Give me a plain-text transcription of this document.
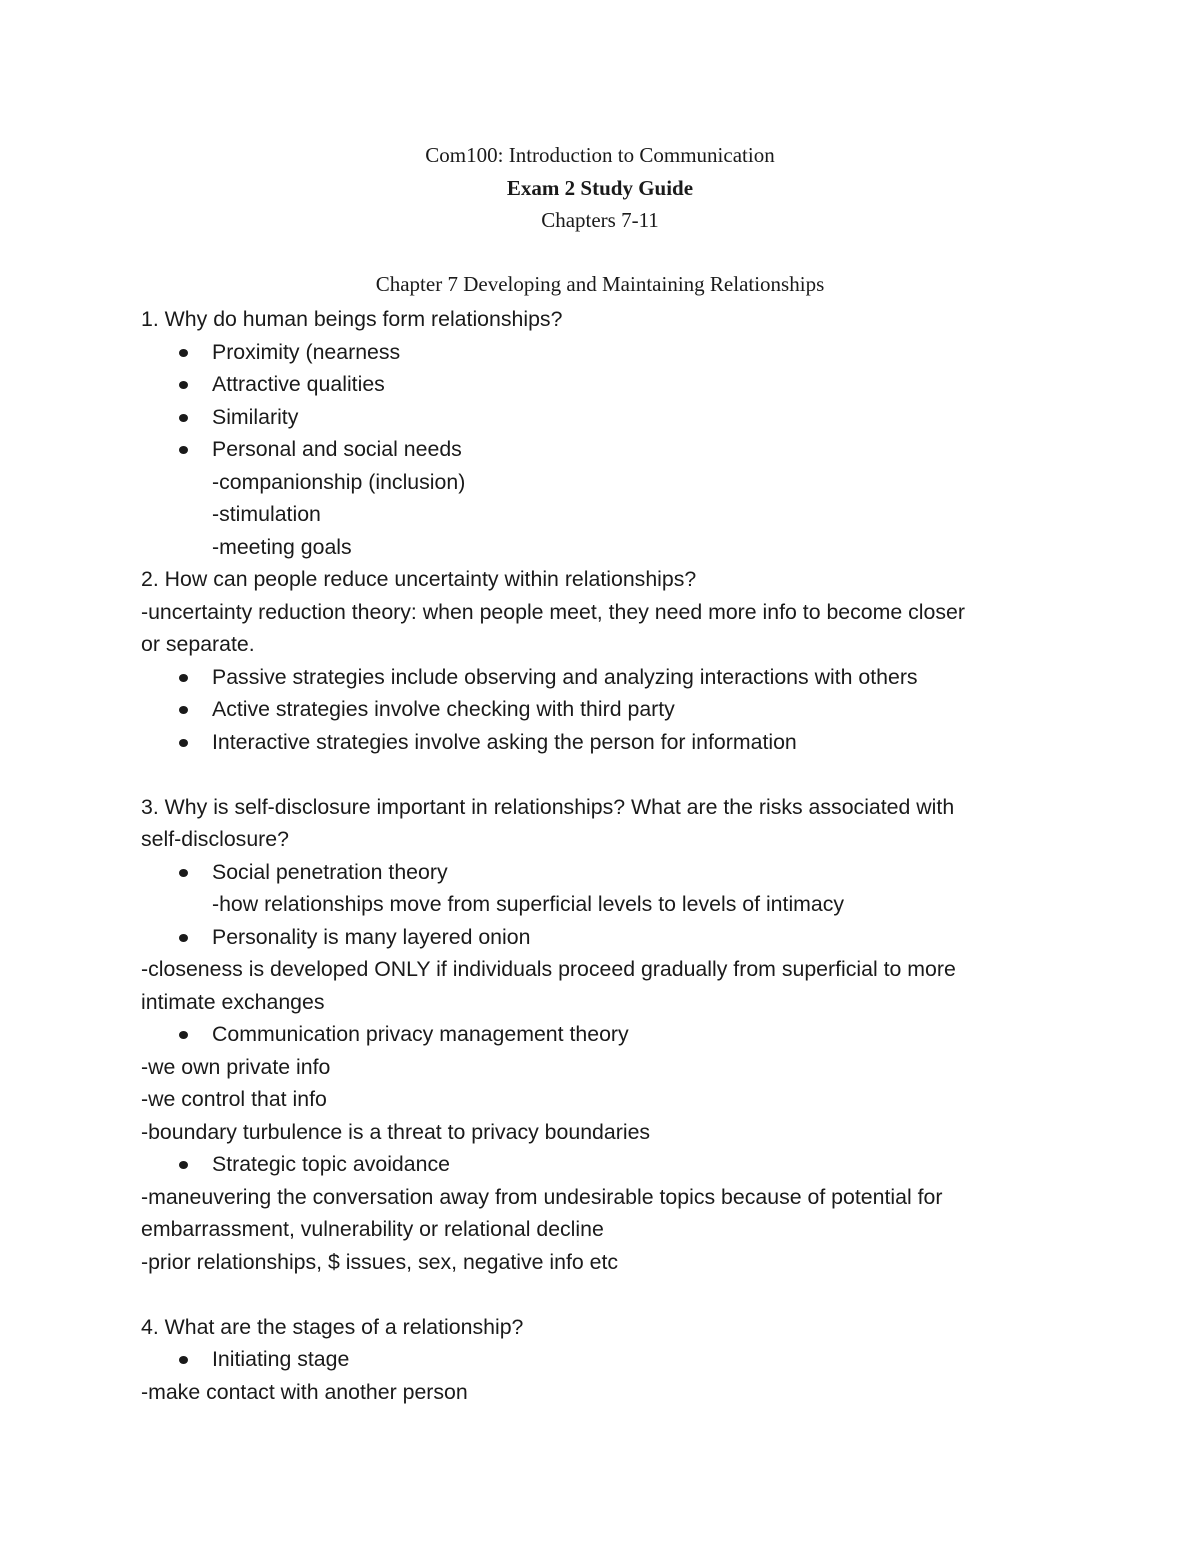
Com100: Introduction to Communication
Exam 2 Study Guide
Chapters 7-11
Chapter 7 Developing and Maintaining Relationships
1. Why do human beings form relationships?
Proximity (nearness
Attractive qualities
Similarity
Personal and social needs
-companionship (inclusion)
-stimulation
-meeting goals
2. How can people reduce uncertainty within relationships?
-uncertainty reduction theory: when people meet, they need more info to become closer
or separate.
Passive strategies include observing and analyzing interactions with others
Active strategies involve checking with third party
Interactive strategies involve asking the person for information
3. Why is self-disclosure important in relationships? What are the risks associated with
self-disclosure?
Social penetration theory
-how relationships move from superficial levels to levels of intimacy
Personality is many layered onion
-closeness is developed ONLY if individuals proceed gradually from superficial to more
intimate exchanges
Communication privacy management theory
-we own private info
-we control that info
-boundary turbulence is a threat to privacy boundaries
Strategic topic avoidance
-maneuvering the conversation away from undesirable topics because of potential for
embarrassment, vulnerability or relational decline
-prior relationships, $ issues, sex, negative info etc
4. What are the stages of a relationship?
Initiating stage
-make contact with another person
